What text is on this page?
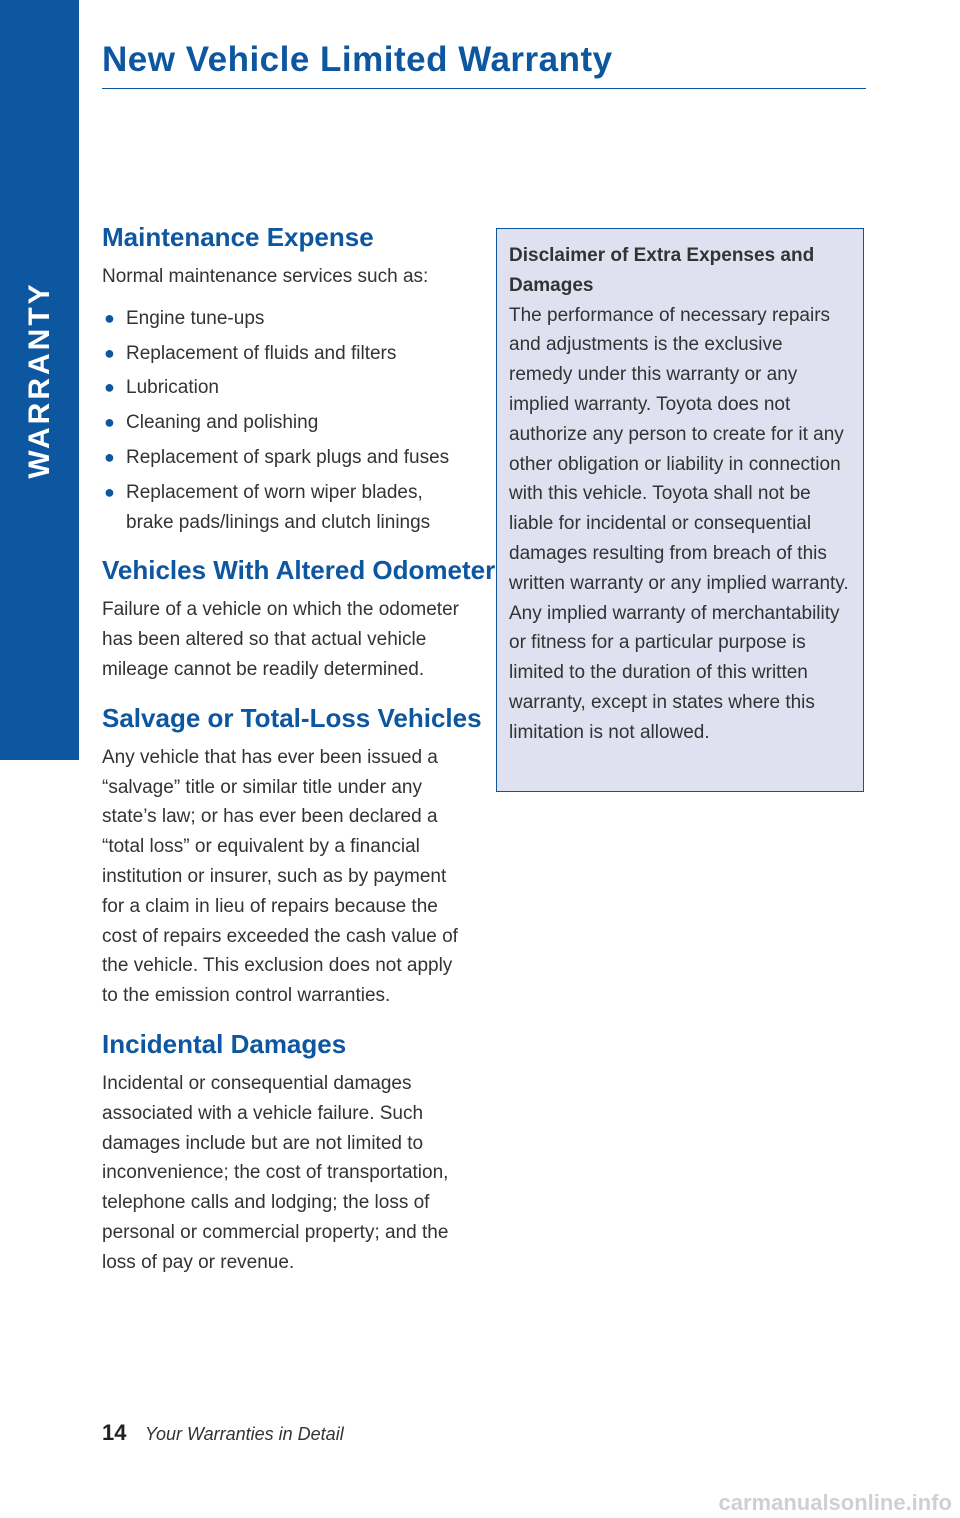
WARRANTY
New Vehicle Limited Warranty
Maintenance Expense

Normal maintenance services such as:

● Engine tune-ups
● Replacement of fluids and filters
● Lubrication
● Cleaning and polishing
● Replacement of spark plugs and fuses
● Replacement of worn wiper blades, brake pads/linings and clutch linings
Vehicles With Altered Odometer

Failure of a vehicle on which the odometer has been altered so that actual vehicle mileage cannot be readily determined.

Salvage or Total-Loss Vehicles

Any vehicle that has ever been issued a “salvage” title or similar title under any state’s law; or has ever been declared a “total loss” or equivalent by a financial institution or insurer, such as by payment for a claim in lieu of repairs because the cost of repairs exceeded the cash value of the vehicle. This exclusion does not apply to the emission control warranties.

Incidental Damages

Incidental or consequential damages associated with a vehicle failure. Such damages include but are not limited to inconvenience; the cost of transportation, telephone calls and lodging; the loss of personal or commercial property; and the loss of pay or revenue.

Disclaimer of Extra Expenses and Damages
The performance of necessary repairs and adjustments is the exclusive remedy under this warranty or any implied warranty. Toyota does not authorize any person to create for it any other obligation or liability in connection with this vehicle. Toyota shall not be liable for incidental or consequential damages resulting from breach of this written warranty or any implied warranty. Any implied warranty of merchantability or fitness for a particular purpose is limited to the duration of this written warranty, except in states where this limitation is not allowed.
14 Your Warranties in Detail
carmanualsonline.info
